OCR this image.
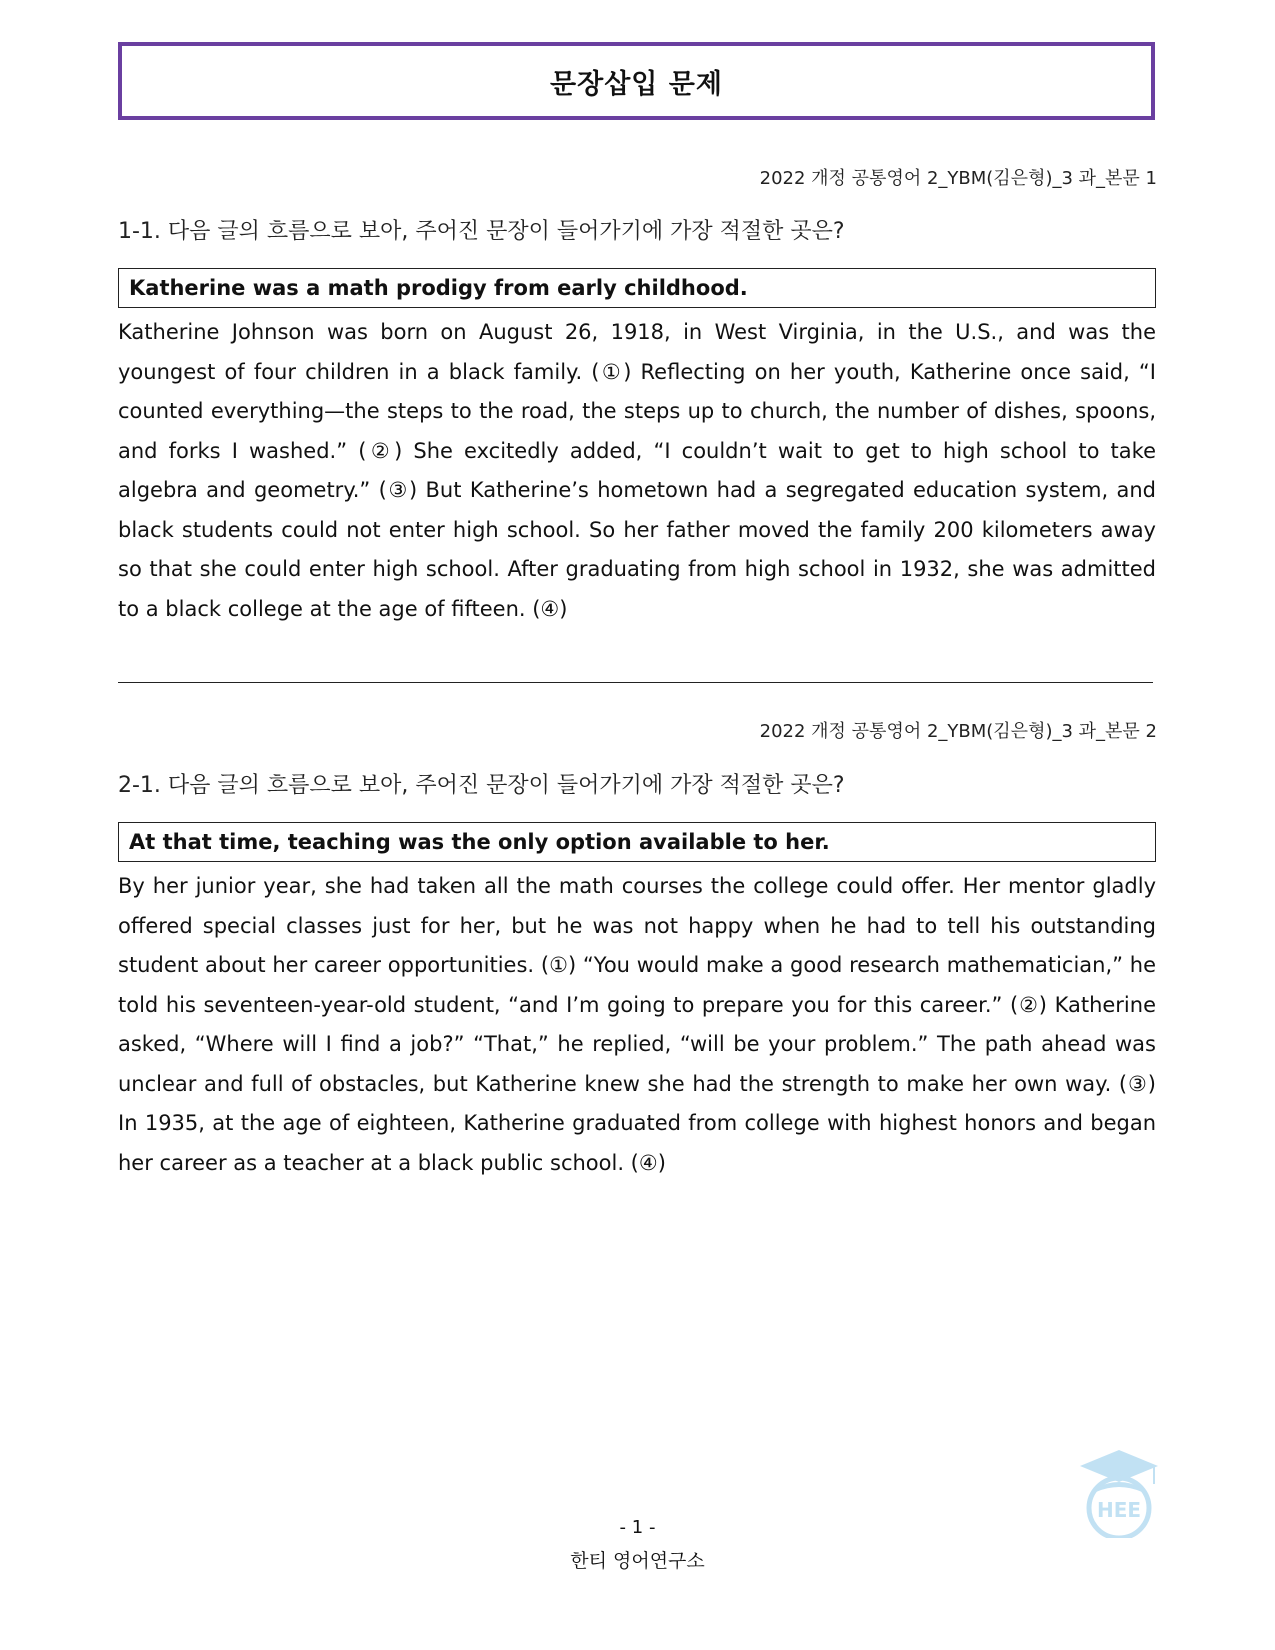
문장삽입 문제
2022 개정 공통영어 2_YBM(김은형)_3 과_본문 1
1-1. 다음 글의 흐름으로 보아, 주어진 문장이 들어가기에 가장 적절한 곳은?
Katherine was a math prodigy from early childhood.

Katherine Johnson was born on August 26, 1918, in West Virginia, in the U.S., and was the youngest of four children in a black family. (①) Reflecting on her youth, Katherine once said, “I counted everything—the steps to the road, the steps up to church, the number of dishes, spoons, and forks I washed.” (②) She excitedly added, “I couldn’t wait to get to high school to take algebra and geometry.” (③) But Katherine’s hometown had a segregated education system, and black students could not enter high school. So her father moved the family 200 kilometers away so that she could enter high school. After graduating from high school in 1932, she was admitted to a black college at the age of fifteen. (④)

2022 개정 공통영어 2_YBM(김은형)_3 과_본문 2
2-1. 다음 글의 흐름으로 보아, 주어진 문장이 들어가기에 가장 적절한 곳은?
At that time, teaching was the only option available to her.

By her junior year, she had taken all the math courses the college could offer. Her mentor gladly offered special classes just for her, but he was not happy when he had to tell his outstanding student about her career opportunities. (①) “You would make a good research mathematician,” he told his seventeen-year-old student, “and I’m going to prepare you for this career.” (②) Katherine asked, “Where will I find a job?” “That,” he replied, “will be your problem.” The path ahead was unclear and full of obstacles, but Katherine knew she had the strength to make her own way. (③) In 1935, at the age of eighteen, Katherine graduated from college with highest honors and began her career as a teacher at a black public school. (④)

HEE
- 1 -
한티 영어연구소
